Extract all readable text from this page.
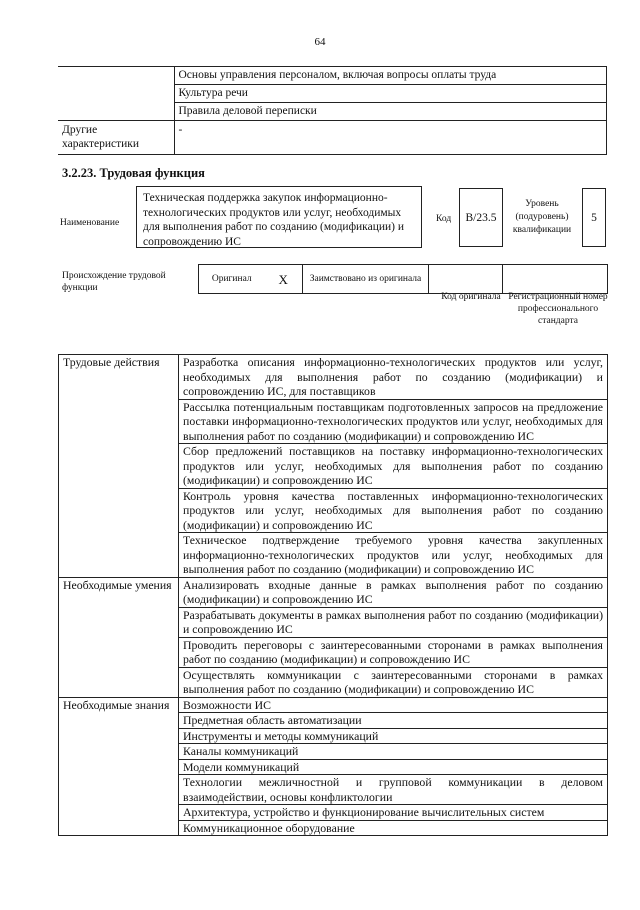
64
	Основы управления персоналом, включая вопросы оплаты труда
	Культура речи
	Правила деловой переписки
Другие характеристики	-
3.2.23. Трудовая функция
Наименование
Техническая поддержка закупок информационно-технологических продуктов или услуг, необходимых для выполнения работ по созданию (модификации) и сопровождению ИС
Код	B/23.5
Уровень (подуровень) квалификации
5
Происхождение трудовой функции
Оригинал	X	Заимствовано из оригинала		
Код оригинала Регистрационный номер профессионального стандарта
Трудовые действия	Разработка описания информационно-технологических продуктов или услуг, необходимых для выполнения работ по созданию (модификации) и сопровождению ИС, для поставщиков
	Рассылка потенциальным поставщикам подготовленных запросов на предложение поставки информационно-технологических продуктов или услуг, необходимых для выполнения работ по созданию (модификации) и сопровождению ИС
	Сбор предложений поставщиков на поставку информационно-технологических продуктов или услуг, необходимых для выполнения работ по созданию (модификации) и сопровождению ИС
	Контроль уровня качества поставленных информационно-технологических продуктов или услуг, необходимых для выполнения работ по созданию (модификации) и сопровождению ИС
	Техническое подтверждение требуемого уровня качества закупленных информационно-технологических продуктов или услуг, необходимых для выполнения работ по созданию (модификации) и сопровождению ИС
Необходимые умения	Анализировать входные данные в рамках выполнения работ по созданию (модификации) и сопровождению ИС
	Разрабатывать документы в рамках выполнения работ по созданию (модификации) и сопровождению ИС
	Проводить переговоры с заинтересованными сторонами в рамках выполнения работ по созданию (модификации) и сопровождению ИС
	Осуществлять коммуникации с заинтересованными сторонами в рамках выполнения работ по созданию (модификации) и сопровождению ИС
Необходимые знания	Возможности ИС
	Предметная область автоматизации
	Инструменты и методы коммуникаций
	Каналы коммуникаций
	Модели коммуникаций
	Технологии межличностной и групповой коммуникации в деловом взаимодействии, основы конфликтологии
	Архитектура, устройство и функционирование вычислительных систем
	Коммуникационное оборудование
